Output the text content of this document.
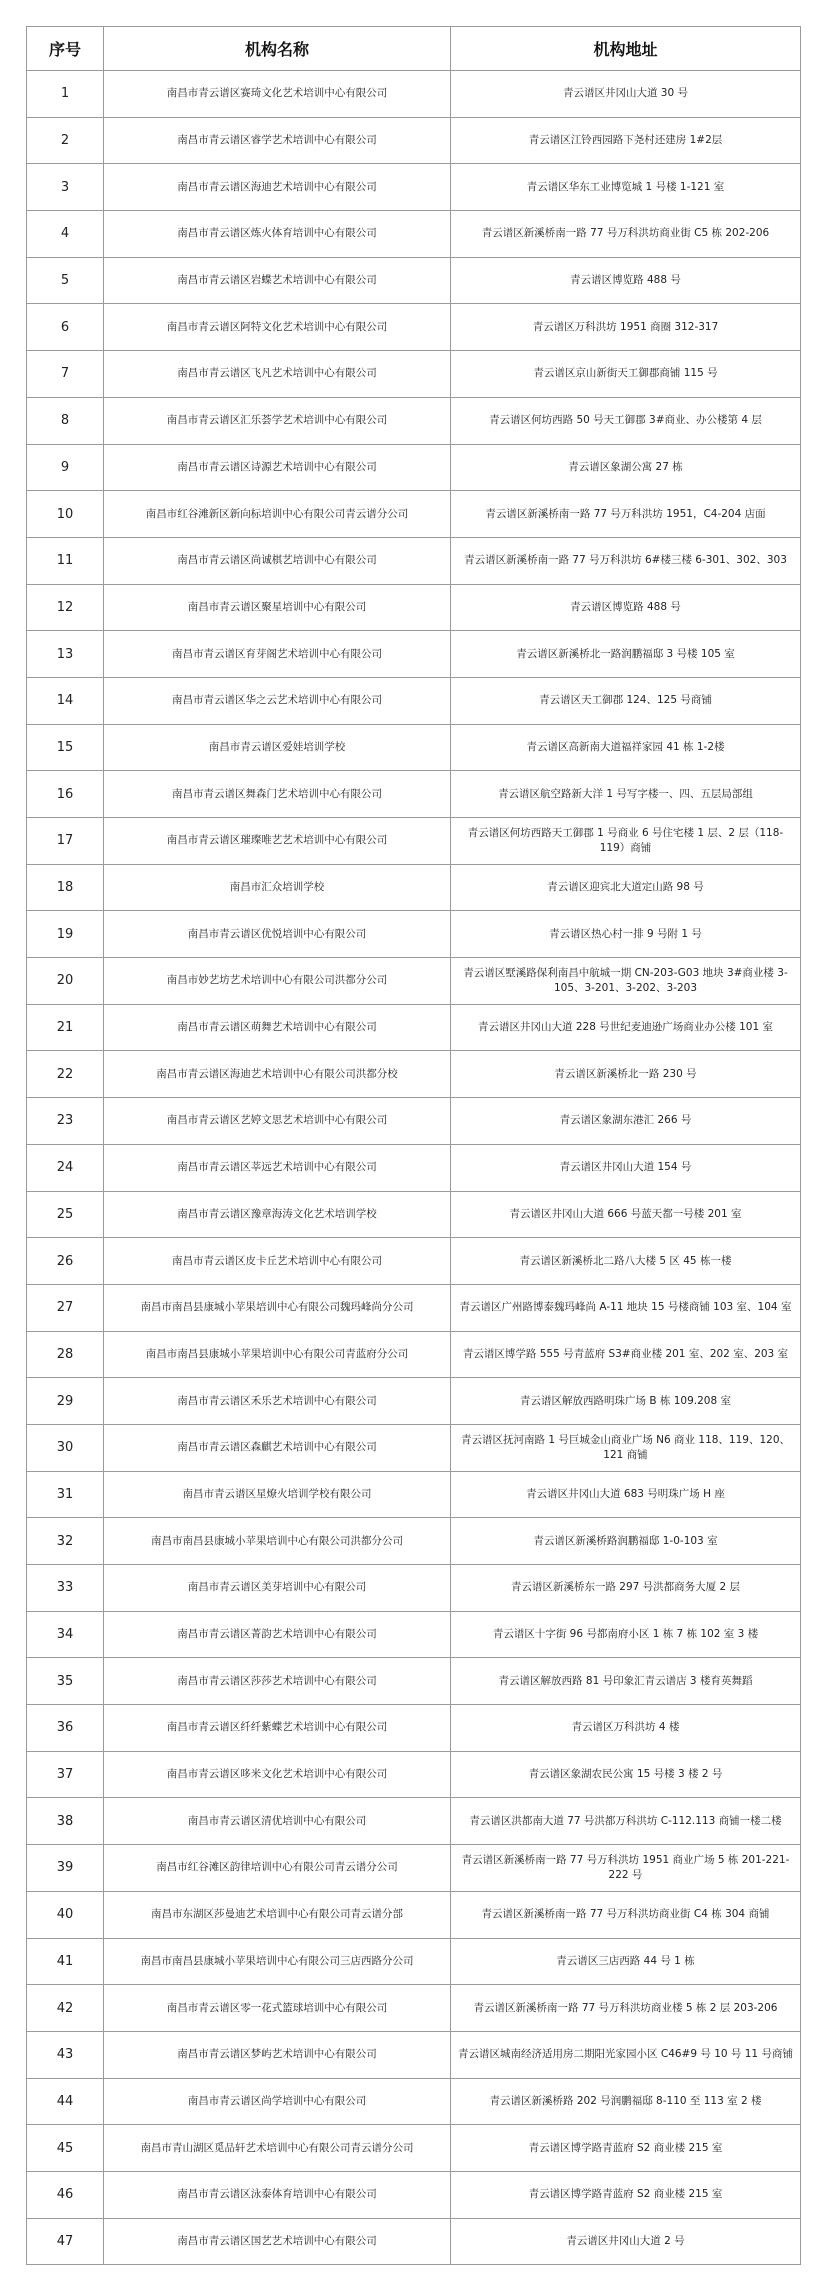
序号	机构名称	机构地址
1	南昌市青云谱区赛琦文化艺术培训中心有限公司	青云谱区井冈山大道 30 号
2	南昌市青云谱区睿学艺术培训中心有限公司	青云谱区江铃西园路下尧村还建房 1#2层
3	南昌市青云谱区海迪艺术培训中心有限公司	青云谱区华东工业博览城 1 号楼 1-121 室
4	南昌市青云谱区炼火体育培训中心有限公司	青云谱区新溪桥南一路 77 号万科洪坊商业街 C5 栋 202-206
5	南昌市青云谱区岩蝶艺术培训中心有限公司	青云谱区博览路 488 号
6	南昌市青云谱区阿特文化艺术培训中心有限公司	青云谱区万科洪坊 1951 商圈 312-317
7	南昌市青云谱区飞凡艺术培训中心有限公司	青云谱区京山新街天工御郡商铺 115 号
8	南昌市青云谱区汇乐荟学艺术培训中心有限公司	青云谱区何坊西路 50 号天工御郡 3#商业、办公楼第 4 层
9	南昌市青云谱区诗源艺术培训中心有限公司	青云谱区象湖公寓 27 栋
10	南昌市红谷滩新区新向标培训中心有限公司青云谱分公司	青云谱区新溪桥南一路 77 号万科洪坊 1951，C4-204 店面
11	南昌市青云谱区尚诚棋艺培训中心有限公司	青云谱区新溪桥南一路 77 号万科洪坊 6#楼三楼 6-301、302、303
12	南昌市青云谱区聚星培训中心有限公司	青云谱区博览路 488 号
13	南昌市青云谱区育芽阁艺术培训中心有限公司	青云谱区新溪桥北一路润鹏福邸 3 号楼 105 室
14	南昌市青云谱区华之云艺术培训中心有限公司	青云谱区天工御郡 124、125 号商铺
15	南昌市青云谱区爱娃培训学校	青云谱区高新南大道福祥家园 41 栋 1-2楼
16	南昌市青云谱区舞森门艺术培训中心有限公司	青云谱区航空路新大洋 1 号写字楼一、四、五层局部组
17	南昌市青云谱区璀璨唯艺艺术培训中心有限公司	青云谱区何坊西路天工御郡 1 号商业 6 号住宅楼 1 层、2 层（118-119）商铺
18	南昌市汇众培训学校	青云谱区迎宾北大道定山路 98 号
19	南昌市青云谱区优悦培训中心有限公司	青云谱区热心村一排 9 号附 1 号
20	南昌市妙艺坊艺术培训中心有限公司洪都分公司	青云谱区墅溪路保利南昌中航城一期 CN-203-G03 地块 3#商业楼 3-105、3-201、3-202、3-203
21	南昌市青云谱区萌舞艺术培训中心有限公司	青云谱区井冈山大道 228 号世纪麦迪逊广场商业办公楼 101 室
22	南昌市青云谱区海迪艺术培训中心有限公司洪都分校	青云谱区新溪桥北一路 230 号
23	南昌市青云谱区艺婷文思艺术培训中心有限公司	青云谱区象湖东港汇 266 号
24	南昌市青云谱区莘远艺术培训中心有限公司	青云谱区井冈山大道 154 号
25	南昌市青云谱区豫章海涛文化艺术培训学校	青云谱区井冈山大道 666 号蓝天都一号楼 201 室
26	南昌市青云谱区皮卡丘艺术培训中心有限公司	青云谱区新溪桥北二路八大楼 5 区 45 栋一楼
27	南昌市南昌县康城小苹果培训中心有限公司魏玛峰尚分公司	青云谱区广州路博泰魏玛峰尚 A-11 地块 15 号楼商铺 103 室、104 室
28	南昌市南昌县康城小苹果培训中心有限公司青蓝府分公司	青云谱区博学路 555 号青蓝府 S3#商业楼 201 室、202 室、203 室
29	南昌市青云谱区禾乐艺术培训中心有限公司	青云谱区解放西路明珠广场 B 栋 109.208 室
30	南昌市青云谱区森麒艺术培训中心有限公司	青云谱区抚河南路 1 号巨城金山商业广场 N6 商业 118、119、120、121 商铺
31	南昌市青云谱区星燎火培训学校有限公司	青云谱区井冈山大道 683 号明珠广场 H 座
32	南昌市南昌县康城小苹果培训中心有限公司洪都分公司	青云谱区新溪桥路润鹏福邸 1-0-103 室
33	南昌市青云谱区美芽培训中心有限公司	青云谱区新溪桥东一路 297 号洪都商务大厦 2 层
34	南昌市青云谱区菁韵艺术培训中心有限公司	青云谱区十字街 96 号都南府小区 1 栋 7 栋 102 室 3 楼
35	南昌市青云谱区莎莎艺术培训中心有限公司	青云谱区解放西路 81 号印象汇青云谱店 3 楼育英舞蹈
36	南昌市青云谱区纤纤紫蝶艺术培训中心有限公司	青云谱区万科洪坊 4 楼
37	南昌市青云谱区哆米文化艺术培训中心有限公司	青云谱区象湖农民公寓 15 号楼 3 楼 2 号
38	南昌市青云谱区清优培训中心有限公司	青云谱区洪都南大道 77 号洪都万科洪坊 C-112.113 商铺一楼二楼
39	南昌市红谷滩区韵律培训中心有限公司青云谱分公司	青云谱区新溪桥南一路 77 号万科洪坊 1951 商业广场 5 栋 201-221-222 号
40	南昌市东湖区莎曼迪艺术培训中心有限公司青云谱分部	青云谱区新溪桥南一路 77 号万科洪坊商业街 C4 栋 304 商铺
41	南昌市南昌县康城小苹果培训中心有限公司三店西路分公司	青云谱区三店西路 44 号 1 栋
42	南昌市青云谱区零一花式篮球培训中心有限公司	青云谱区新溪桥南一路 77 号万科洪坊商业楼 5 栋 2 层 203-206
43	南昌市青云谱区梦屿艺术培训中心有限公司	青云谱区城南经济适用房二期阳光家园小区 C46#9 号 10 号 11 号商铺
44	南昌市青云谱区尚学培训中心有限公司	青云谱区新溪桥路 202 号润鹏福邸 8-110 至 113 室 2 楼
45	南昌市青山湖区觅品轩艺术培训中心有限公司青云谱分公司	青云谱区博学路青蓝府 S2 商业楼 215 室
46	南昌市青云谱区泳泰体育培训中心有限公司	青云谱区博学路青蓝府 S2 商业楼 215 室
47	南昌市青云谱区国艺艺术培训中心有限公司	青云谱区井冈山大道 2 号
